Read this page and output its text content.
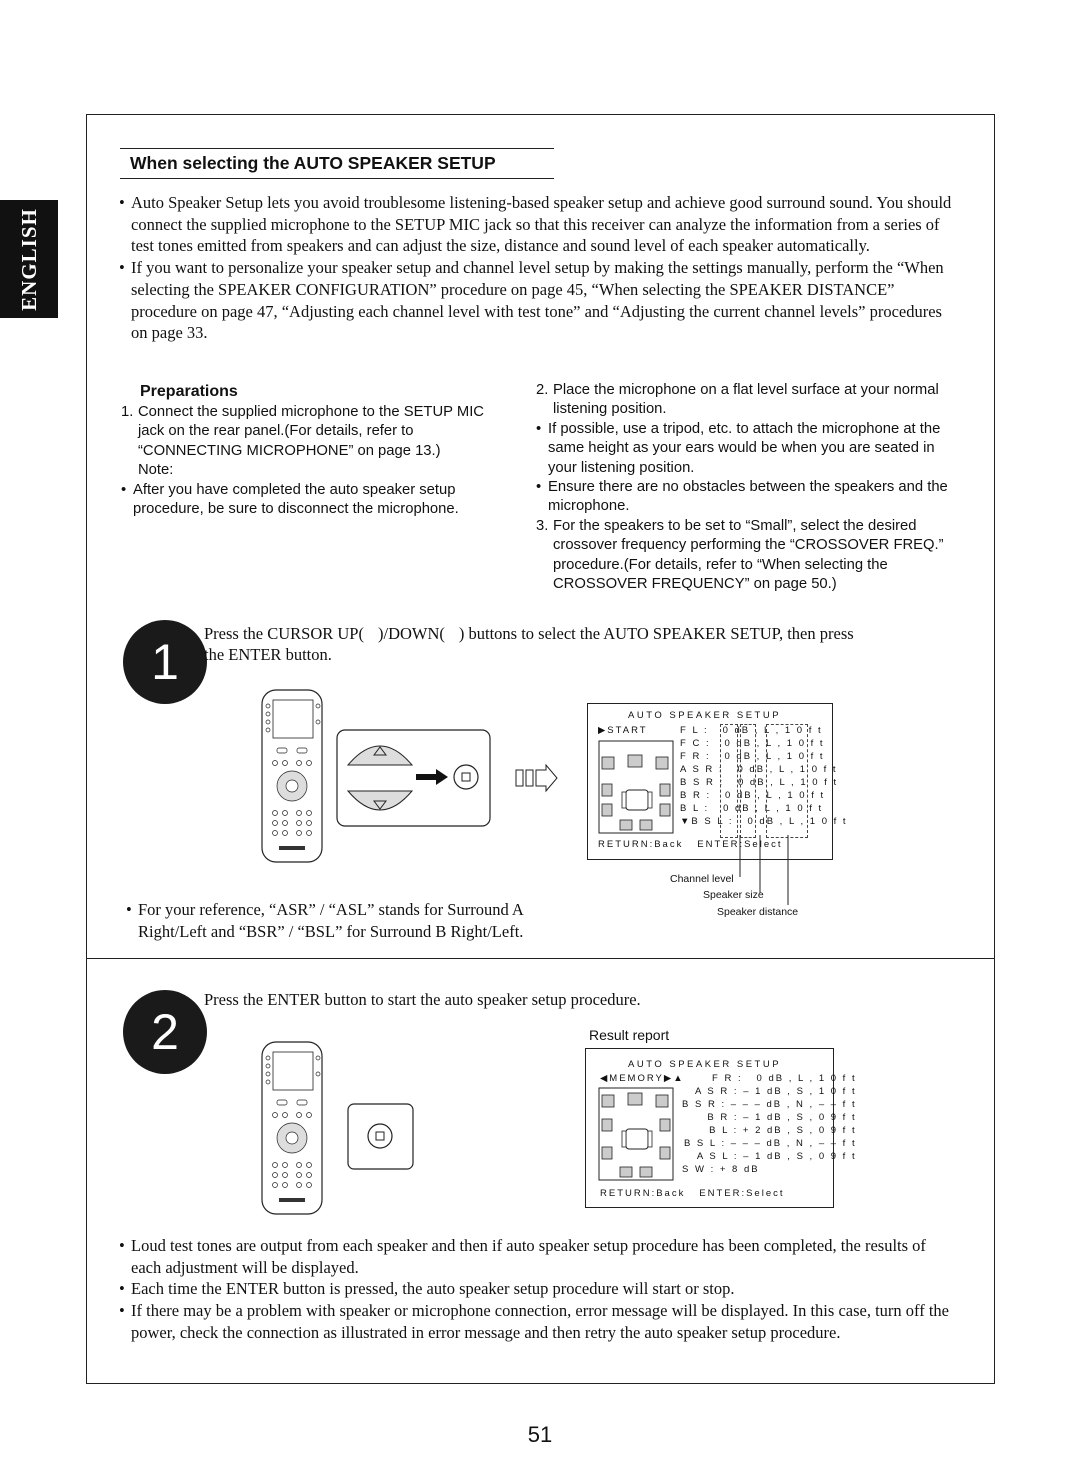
ENGLISH
When selecting the AUTO SPEAKER SETUP
• Auto Speaker Setup lets you avoid troublesome listening-based speaker setup and achieve good surround sound. You should connect the supplied microphone to the SETUP MIC jack so that this receiver can analyze the information from a series of test tones emitted from speakers and can adjust the size, distance and sound level of each speaker automatically.
• If you want to personalize your speaker setup and channel level setup by making the settings manually, perform the “When selecting the SPEAKER CONFIGURATION” procedure on page 45, “When selecting the SPEAKER DISTANCE” procedure on page 47, “Adjusting each channel level with test tone” and “Adjusting the current channel levels” procedures on page 33.
Preparations
1. Connect the supplied microphone to the SETUP MIC jack on the rear panel.(For details, refer to “CONNECTING MICROPHONE” on page 13.)
Note:
• After you have completed the auto speaker setup procedure, be sure to disconnect the microphone.
2. Place the microphone on a flat level surface at your normal listening position.
• If possible, use a tripod, etc. to attach the microphone at the same height as your ears would be when you are seated in your listening position.
• Ensure there are no obstacles between the speakers and the microphone.
3. For the speakers to be set to “Small”, select the desired crossover frequency performing the “CROSSOVER FREQ.” procedure.(For details, refer to “When selecting the CROSSOVER FREQUENCY” on page 50.)
1
Press the CURSOR UP( )/DOWN( ) buttons to select the AUTO SPEAKER SETUP, then press
the ENTER button.
AUTO SPEAKER SETUP
▶START	F L :   0 dB , L , 1 0 f t
F C :   0 dB , L , 1 0 f t
F R :   0 dB , L , 1 0 f t
A S R :   0 dB , L , 1 0 f t
B S R :   0 dB , L , 1 0 f t
B R :   0 dB , L , 1 0 f t
B L :   0 dB , L , 1 0 f t
▼B S L :   0 dB , L , 1 0 f t
RETURN:Back   ENTER:Select
Channel level
Speaker size
Speaker distance
• For your reference, “ASR” / “ASL” stands for Surround A Right/Left and “BSR” / “BSL” for Surround B Right/Left.
2
Press the ENTER button to start the auto speaker setup procedure.
Result report
AUTO SPEAKER SETUP
◀MEMORY▶▲	F R :   0 dB , L , 1 0 f t
A S R : – 1 dB , S , 1 0 f t
B S R : – – – dB , N , – – f t
B R : – 1 dB , S , 0 9 f t
B L : + 2 dB , S , 0 9 f t
B S L : – – – dB , N , – – f t
A S L : – 1 dB , S , 0 9 f t
S W : + 8 dB
RETURN:Back   ENTER:Select
• Loud test tones are output from each speaker and then if auto speaker setup procedure has been completed, the results of each adjustment will be displayed.
• Each time the ENTER button is pressed, the auto speaker setup procedure will start or stop.
• If there may be a problem with speaker or microphone connection, error message will be displayed. In this case, turn off the power, check the connection as illustrated in error message and then retry the auto speaker setup procedure.
51
